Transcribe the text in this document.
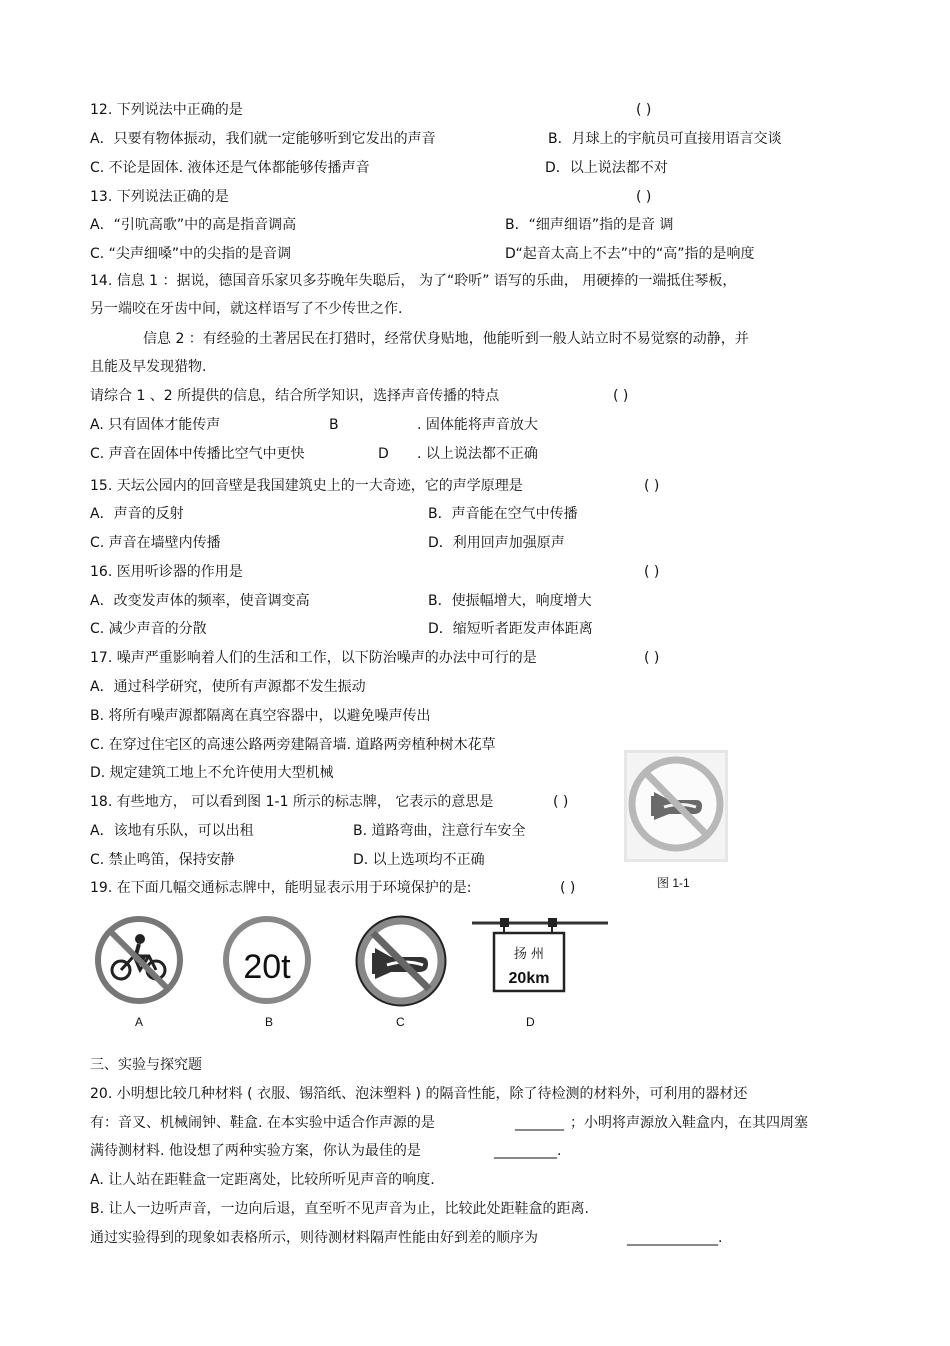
12. 下列说法中正确的是	( )
A．只要有物体振动，我们就一定能够听到它发出的声音	B．月球上的宇航员可直接用语言交谈
C. 不论是固体. 液体还是气体都能够传播声音	D．以上说法都不对
13. 下列说法正确的是	( )
A．“引吭高歌”中的高是指音调高	B．“细声细语”指的是音 调
C. “尖声细嗓”中的尖指的是音调	D“起音太高上不去”中的“高”指的是响度
14. 信息 1 ：据说，德国音乐家贝多芬晚年失聪后， 为了“聆听” 语写的乐曲， 用硬捧的一端抵住琴板，
另一端咬在牙齿中间，就这样语写了不少传世之作.
信息 2 ：有经验的土著居民在打猎时，经常伏身贴地，他能听到一般人站立时不易觉察的动静，并
且能及早发现猎物.
请综合 1 、2 所提供的信息，结合所学知识，选择声音传播的特点	( )
A. 只有固体才能传声	B	. 固体能将声音放大
C. 声音在固体中传播比空气中更快	D . 以上说法都不正确
15. 天坛公园内的回音壁是我国建筑史上的一大奇迹，它的声学原理是	( )
A．声音的反射	B．声音能在空气中传播
C. 声音在墙壁内传播	D．利用回声加强原声
16. 医用听诊器的作用是	( )
A．改变发声体的频率，使音调变高	B．使振幅增大，响度增大
C. 减少声音的分散	D．缩短听者距发声体距离
17. 噪声严重影响着人们的生活和工作，以下防治噪声的办法中可行的是	( )
A．通过科学研究，使所有声源都不发生振动
B. 将所有噪声源都隔离在真空容器中，以避免噪声传出
C. 在穿过住宅区的高速公路两旁建隔音墙. 道路两旁植种树木花草
D. 规定建筑工地上不允许使用大型机械
18. 有些地方， 可以看到图 1-1 所示的标志牌， 它表示的意思是	( )
A．该地有乐队，可以出租	B. 道路弯曲，注意行车安全
C. 禁止鸣笛，保持安静	D. 以上选项均不正确
图 1-1
19. 在下面几幅交通标志牌中，能明显表示用于环境保护的是:	( )
20t	扬 州
20km
A	B	C	D
三、实验与探究题
20. 小明想比较几种材料 ( 衣服、锡箔纸、泡沫塑料 ) 的隔音性能，除了待检测的材料外，可利用的器材还
有：音叉、机械闹钟、鞋盒. 在本实验中适合作声源的是	_______ ；小明将声源放入鞋盒内，在其四周塞
满待测材料. 他设想了两种实验方案，你认为最佳的是	_________.
A. 让人站在距鞋盒一定距离处，比较所听见声音的响度.
B. 让人一边听声音，一边向后退，直至听不见声音为止，比较此处距鞋盒的距离.
通过实验得到的现象如表格所示，则待测材料隔声性能由好到差的顺序为	_____________.
